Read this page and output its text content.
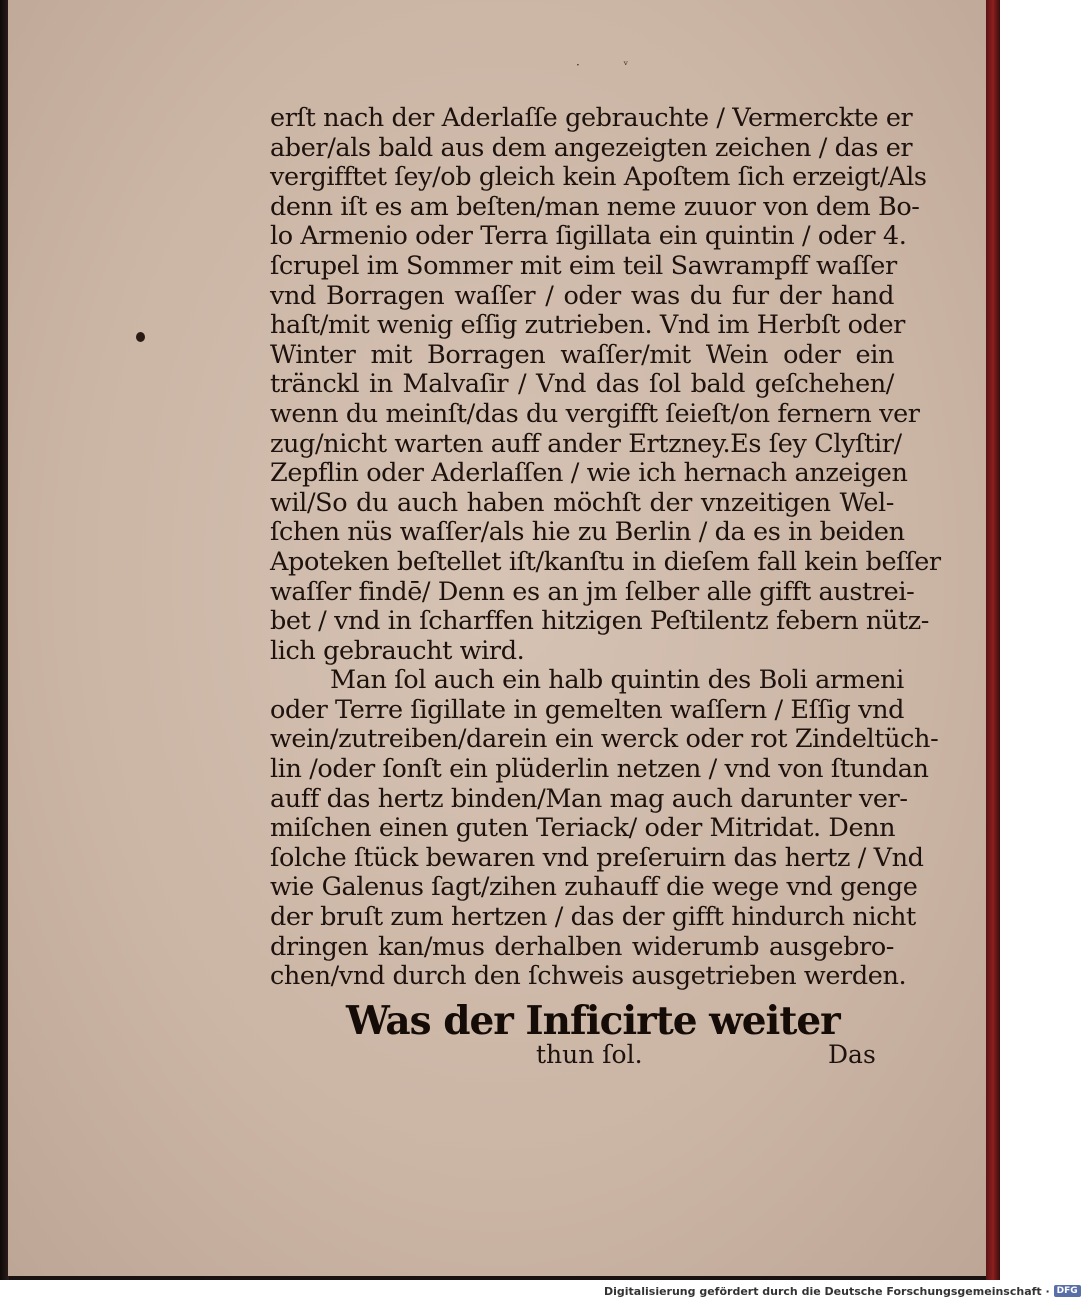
· ᵛ
erſt nach der Aderlaſſe gebrauchte / Vermerckte er
aber/als bald aus dem angezeigten zeichen / das er
vergifftet ſey/ob gleich kein Apoſtem ſich erzeigt/Als
denn iſt es am beſten/man neme zuuor von dem Bo-
lo Armenio oder Terra ſigillata ein quintin / oder 4.
ſcrupel im Sommer mit eim teil Sawrampff waſſer
vnd Borragen waſſer / oder was du fur der hand
haſt/mit wenig eſſig zutrieben. Vnd im Herbſt oder
Winter mit Borragen waſſer/mit Wein oder ein
tränckl in Malvaſir / Vnd das ſol bald geſchehen/
wenn du meinſt/das du vergifft ſeieſt/on fernern ver
zug/nicht warten auff ander Ertzney.Es ſey Clyſtir/
Zepflin oder Aderlaſſen / wie ich hernach anzeigen
wil/So du auch haben möchſt der vnzeitigen Wel-
ſchen nüs waſſer/als hie zu Berlin / da es in beiden
Apoteken beſtellet iſt/kanſtu in dieſem fall kein beſſer
waſſer findē/ Denn es an jm ſelber alle gifft austrei-
bet / vnd in ſcharffen hitzigen Peſtilentz febern nütz-
lich gebraucht wird.
Man ſol auch ein halb quintin des Boli armeni
oder Terre ſigillate in gemelten waſſern / Eſſig vnd
wein/zutreiben/darein ein werck oder rot Zindeltüch-
lin /oder ſonſt ein plüderlin netzen / vnd von ſtundan
auff das hertz binden/Man mag auch darunter ver-
miſchen einen guten Teriack/ oder Mitridat. Denn
ſolche ſtück bewaren vnd preſeruirn das hertz / Vnd
wie Galenus ſagt/zihen zuhauff die wege vnd genge
der bruſt zum hertzen / das der gifft hindurch nicht
dringen kan/mus derhalben widerumb ausgebro-
chen/vnd durch den ſchweis ausgetrieben werden.
Was der Inficirte weiter
thun ſol.	Das
Digitalisierung gefördert durch die Deutsche Forschungsgemeinschaft · DFG
